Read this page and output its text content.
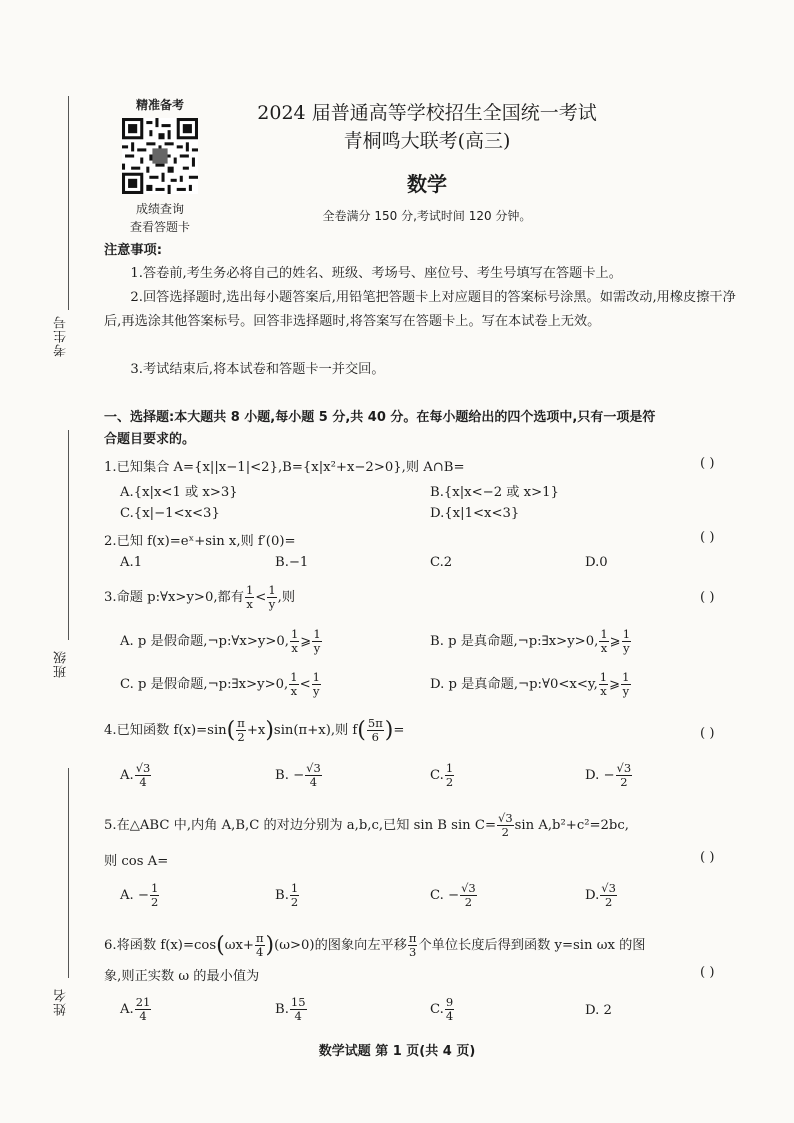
考生号
班级
姓名
精准备考
成绩查询
查看答题卡
2024 届普通高等学校招生全国统一考试
青桐鸣大联考(高三)
数学
全卷满分 150 分,考试时间 120 分钟。
注意事项:
1.答卷前,考生务必将自己的姓名、班级、考场号、座位号、考生号填写在答题卡上。
2.回答选择题时,选出每小题答案后,用铅笔把答题卡上对应题目的答案标号涂黑。如需改动,用橡皮擦干净后,再选涂其他答案标号。回答非选择题时,将答案写在答题卡上。写在本试卷上无效。
3.考试结束后,将本试卷和答题卡一并交回。
一、选择题:本大题共 8 小题,每小题 5 分,共 40 分。在每小题给出的四个选项中,只有一项是符
合题目要求的。
1.已知集合 A={x||x−1|<2},B={x|x²+x−2>0},则 A∩B=	( )
A.{x|x<1 或 x>3}	B.{x|x<−2 或 x>1}
C.{x|−1<x<3}	D.{x|1<x<3}
2.已知 f(x)=eˣ+sin x,则 f′(0)=	( )
A.1	B.−1	C.2	D.0
3.命题 p:∀x>y>0,都有 $\frac{1}{x} < \frac{1}{y}$ ,则	( )
A. p 是假命题,¬p:∀x>y>0, $\frac{1}{x}$ ⩾ $\frac{1}{y}$	B. p 是真命题,¬p:∃x>y>0, $\frac{1}{x}$ ⩾ $\frac{1}{y}$
C. p 是假命题,¬p:∃x>y>0, $\frac{1}{x} < \frac{1}{y}$	D. p 是真命题,¬p:∀0<x<y, $\frac{1}{x}$ ⩾ $\frac{1}{y}$
4.已知函数 $f(x)=\sin( \frac{\pi}{2} +x)\sin(\pi+x)$,则 $f( \frac{5\pi}{6}$ )=	( )
A. $\frac{√3}{4}$	B. − $\frac{√3}{4}$	C. $\frac{1}{2}$	D. − $\frac{√3}{2}$
5.在△ABC 中,内角 A,B,C 的对边分别为 a,b,c,已知 sin B $\sin C= \frac{√3}{2}$ sin A,b²+c²=2bc,
则 cos A=	( )
A. − $\frac{1}{2}$	B. $\frac{1}{2}$	C. − $\frac{√3}{2}$	D. $\frac{√3}{2}$
6.将函数 $f(x)=\cos(\omega x+ \frac{\pi}{4} )(\omega>0)$的图象向左平移 $\frac{\pi}{3}$ 个单位长度后得到函数 y=sin ωx 的图
象,则正实数 ω 的最小值为	( )
A. $\frac{21}{4}$	B. $\frac{15}{4}$	C. $\frac{9}{4}$	D. 2
数学试题 第 1 页(共 4 页)
